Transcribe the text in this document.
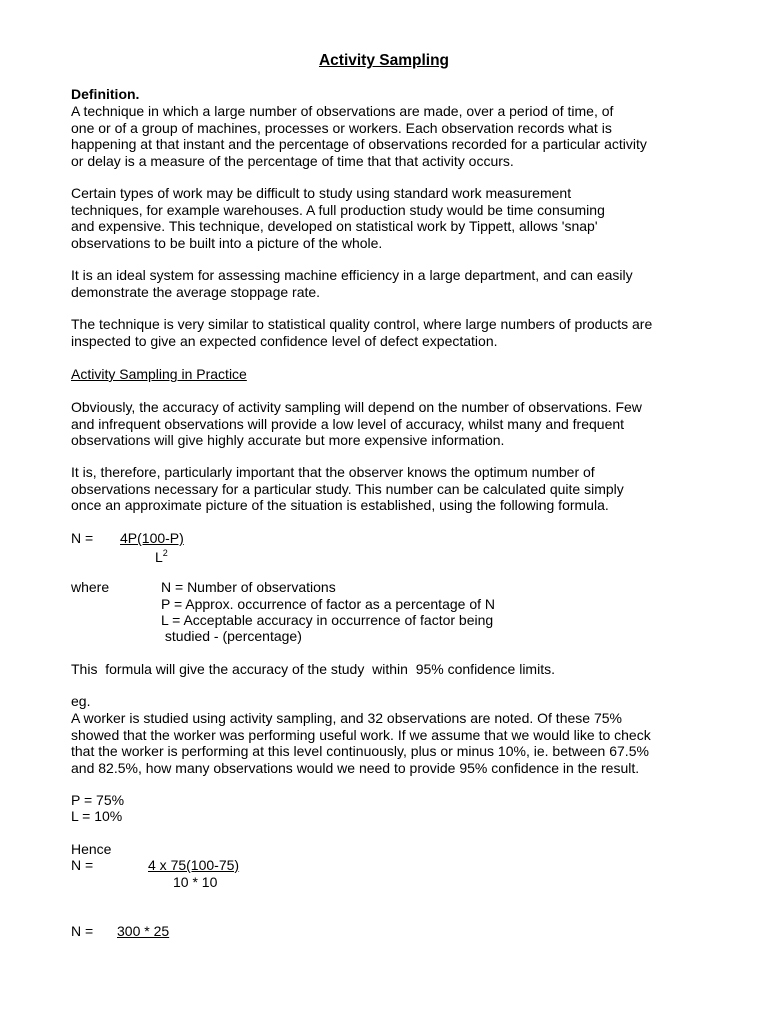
Activity Sampling
Definition.
A technique in which a large number of observations are made, over a period of time, of
one or of a group of machines, processes or workers. Each observation records what is
happening at that instant and the percentage of observations recorded for a particular activity
or delay is a measure of the percentage of time that that activity occurs.
Certain types of work may be difficult to study using standard work measurement
techniques, for example warehouses. A full production study would be time consuming
and expensive. This technique, developed on statistical work by Tippett, allows 'snap'
observations to be built into a picture of the whole.
It is an ideal system for assessing machine efficiency in a large department, and can easily
demonstrate the average stoppage rate.
The technique is very similar to statistical quality control, where large numbers of products are
inspected to give an expected confidence level of defect expectation.
Activity Sampling in Practice
Obviously, the accuracy of activity sampling will depend on the number of observations. Few
and infrequent observations will provide a low level of accuracy, whilst many and frequent
observations will give highly accurate but more expensive information.
It is, therefore, particularly important that the observer knows the optimum number of
observations necessary for a particular study. This number can be calculated quite simply
once an approximate picture of the situation is established, using the following formula.
N = 4P(100-P)
$L^2$
where	N = Number of observations
P = Approx. occurrence of factor as a percentage of N
L = Acceptable accuracy in occurrence of factor being
studied - (percentage)
This  formula will give the accuracy of the study  within  95% confidence limits.
eg.
A worker is studied using activity sampling, and 32 observations are noted. Of these 75%
showed that the worker was performing useful work. If we assume that we would like to check
that the worker is performing at this level continuously, plus or minus 10%, ie. between 67.5%
and 82.5%, how many observations would we need to provide 95% confidence in the result.
P = 75%
L = 10%
Hence
N =	4 x 75(100-75)
10 * 10
N = 300 * 25
